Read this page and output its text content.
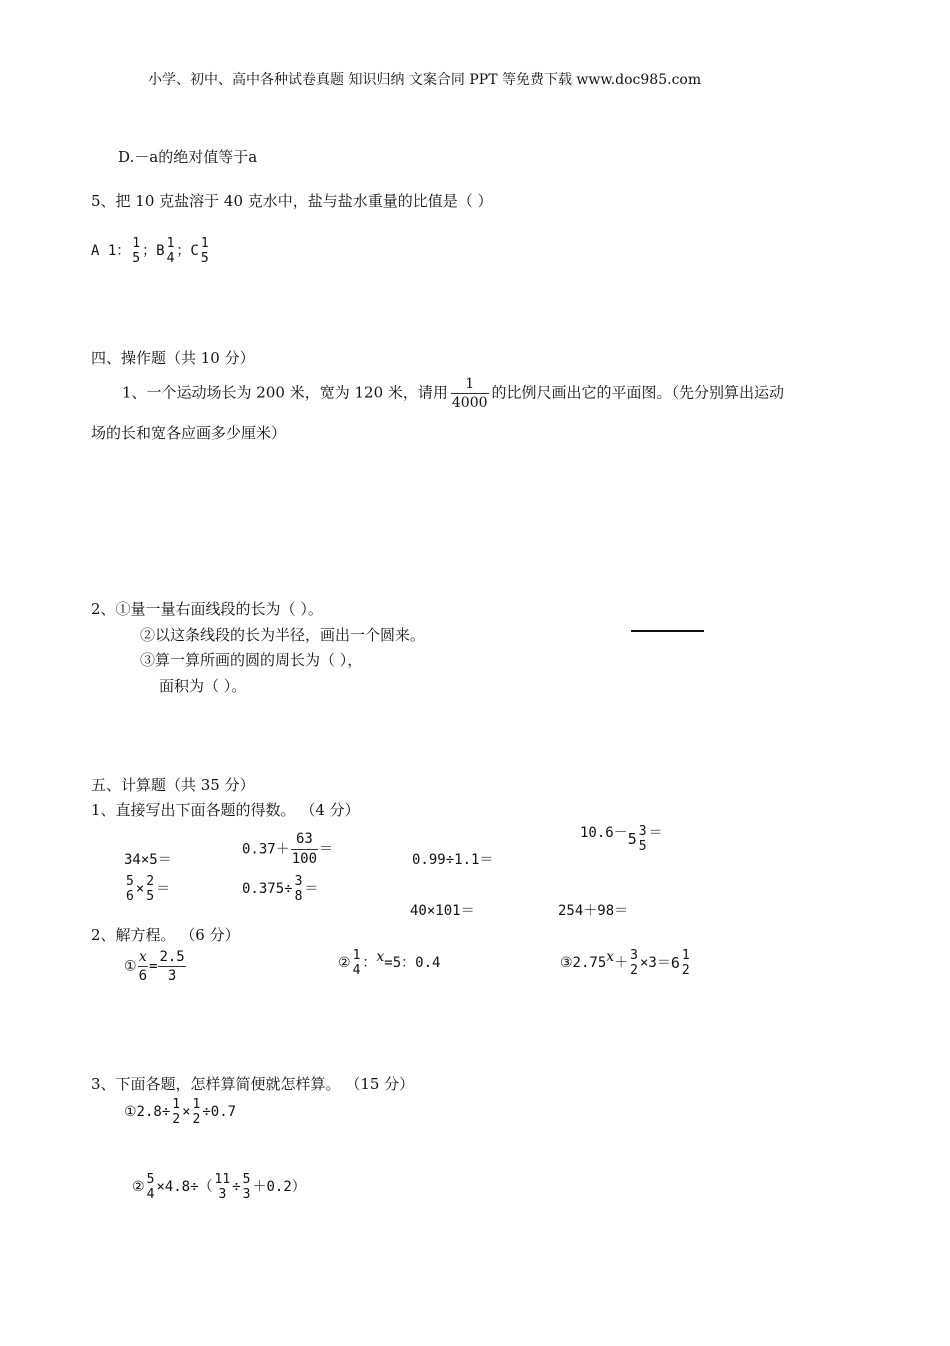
小学、初中、高中各种试卷真题 知识归纳 文案合同 PPT 等免费下载 www.doc985.com
D.－a的绝对值等于a
5、把 10 克盐溶于 40 克水中，盐与盐水重量的比值是（ ）
A 1： 1
5 ；B 1
4 ；C 1
5
四、操作题（共 10 分）
1、一个运动场长为 200 米，宽为 120 米，请用 $\frac{1}{4000}$ 的比例尺画出它的平面图。（先分别算出运动
场的长和宽各应画多少厘米）
2、①量一量右面线段的长为（ ）。
②以这条线段的长为半径，画出一个圆来。
③算一算所画的圆的周长为（ ），
面积为（ ）。
五、计算题（共 35 分）
1、直接写出下面各题的得数。 （4 分）
34×5＝
$0.37+ \frac{63}{100}$ ＝
0.99÷1.1＝
10.6－5 3
5
＝
5
6 × 2
5 ＝	0.375÷ 3
8 ＝
40×101＝	254＋98＝
2、解方程。 （6 分）
① $\frac{x}{6} = \frac{2.5}{3}$	② 1
4 ：x=5：0.4	③2.75x＋ 3
2 ×3＝6 1
2
3、下面各题，怎样算简便就怎样算。 （15 分）
①2.8÷ 1
2 × 1
2 ÷0.7
② 5
4 ×4.8÷（ 11
3 ÷ 5
3 ＋0.2）
